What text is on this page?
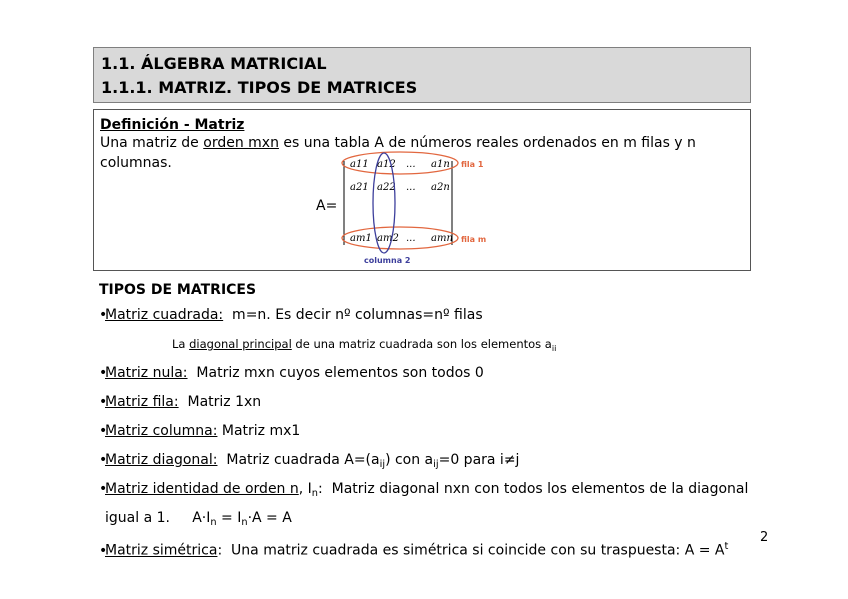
1.1. ÁLGEBRA MATRICIAL
1.1.1. MATRIZ. TIPOS DE MATRICES
Definición - Matriz
Una matriz de orden mxn es una tabla A de números reales ordenados en m filas y n columnas.
A=
a11 a12 ... a1n
a21 a22 ... a2n
am1 am2 ... amn
fila 1
fila m
columna 2
TIPOS DE MATRICES
•Matriz cuadrada:  m=n. Es decir nº columnas=nº filas
La diagonal principal de una matriz cuadrada son los elementos $a_{ii}$
•Matriz nula:  Matriz mxn cuyos elementos son todos 0
•Matriz fila:  Matriz 1xn
•Matriz columna: Matriz mx1
•Matriz diagonal:  Matriz cuadrada $A=(a_{ij})$ con $a_{ij}=0$ para i≠j
•Matriz identidad de orden n, $I_n$:  Matriz diagonal nxn con todos los elementos de la diagonal
igual a 1.     $A\cdot I_n = I_n\cdot A = A$
•Matriz simétrica:  Una matriz cuadrada es simétrica si coincide con su traspuesta: $A = A^t$
2
